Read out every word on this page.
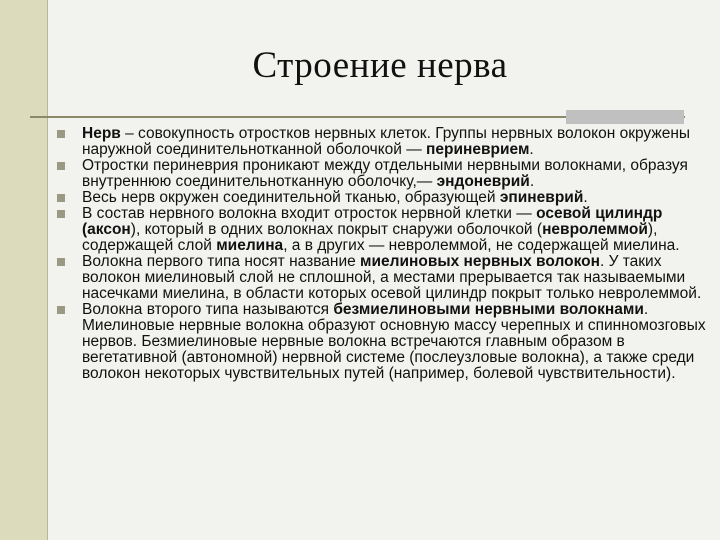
Строение нерва
Нерв – совокупность отростков нервных клеток. Группы нервных волокон окружены наружной соединительнотканной оболочкой — периневрием.
Отростки периневрия проникают между отдельными нервными волокнами, образуя внутреннюю соединительнотканную оболочку,— эндоневрий.
Весь нерв окружен соединительной тканью, образующей эпиневрий.
В состав нервного волокна входит отросток нервной клетки — осевой цилиндр (аксон), который в одних волокнах покрыт снаружи оболочкой (невролеммой), содержащей слой миелина, а в других — невролеммой, не содержащей миелина.
Волокна первого типа носят название миелиновых нервных волокон. У таких волокон миелиновый слой не сплошной, а местами прерывается так называемыми насечками миелина, в области которых осевой цилиндр покрыт только невролеммой.
Волокна второго типа называются безмиелиновыми нервными волокнами.
Миелиновые нервные волокна образуют основную массу черепных и спинномозговых нервов. Безмиелиновые нервные волокна встречаются главным образом в вегетативной (автономной) нервной системе (послеузловые волокна), а также среди волокон некоторых чувствительных путей (например, болевой чувствительности).
